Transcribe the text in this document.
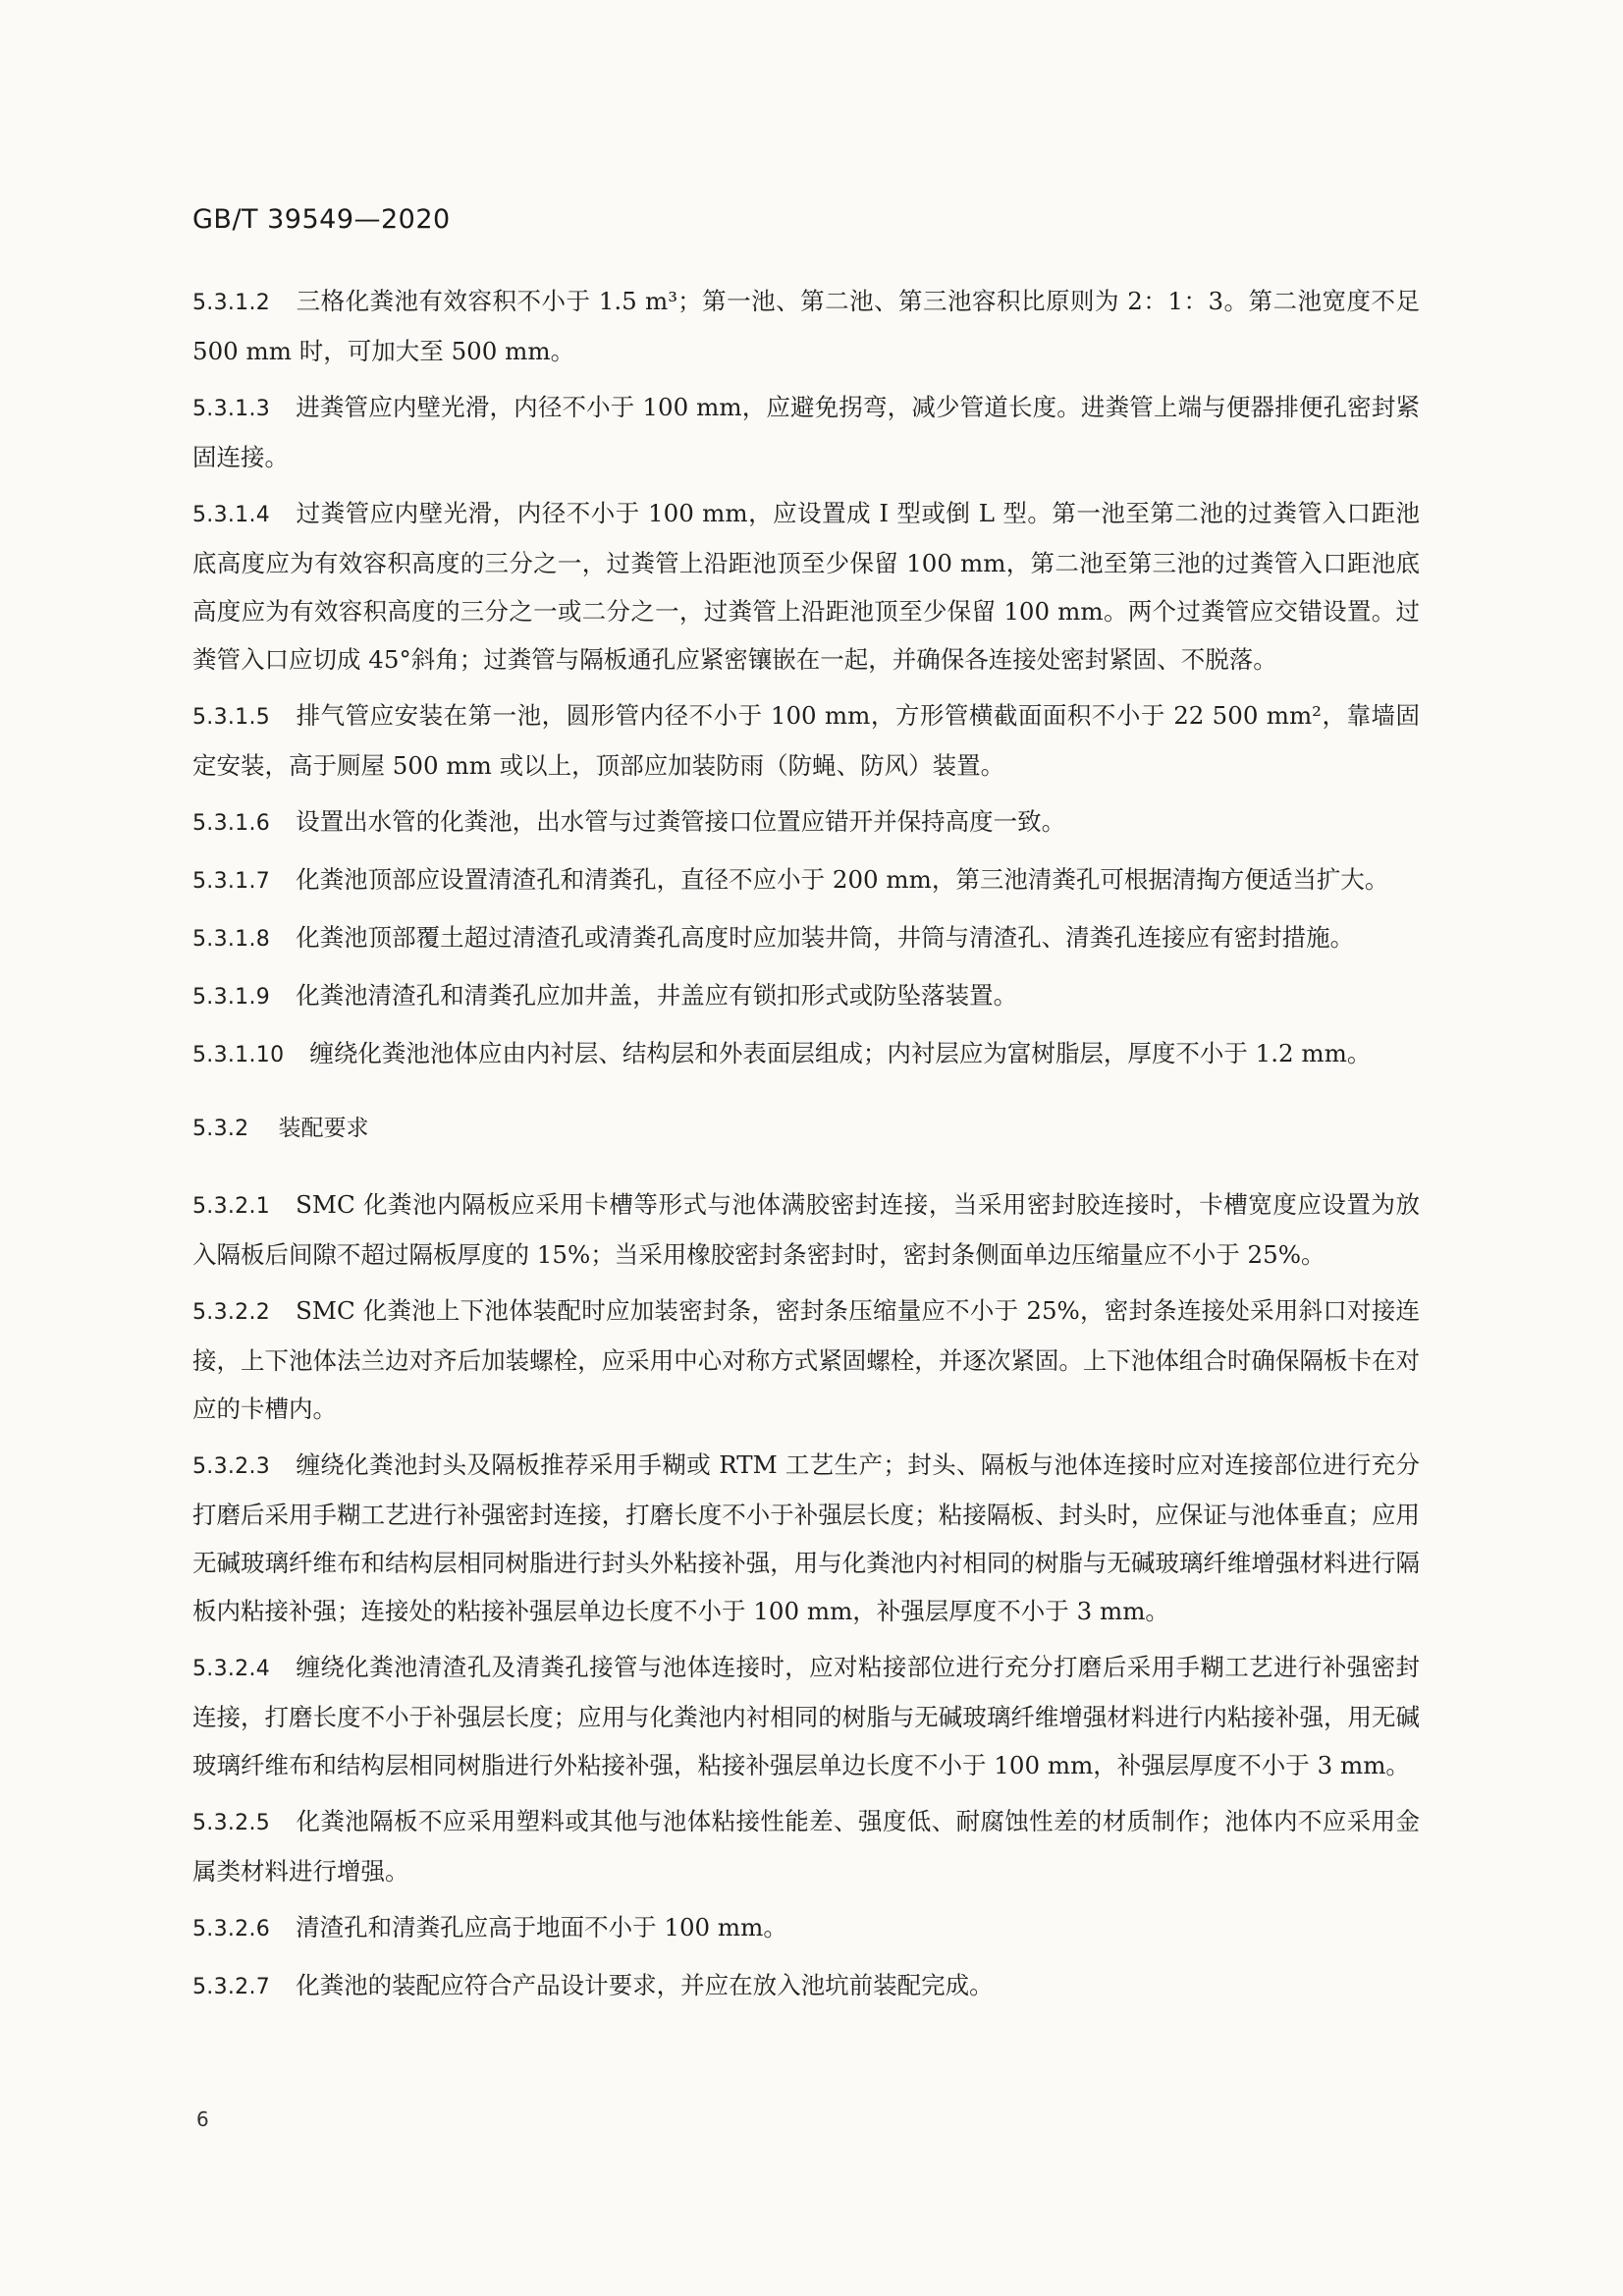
GB/T 39549—2020

5.3.1.2 三格化粪池有效容积不小于 1.5 m³；第一池、第二池、第三池容积比原则为 2：1：3。第二池宽度不足 500 mm 时，可加大至 500 mm。

5.3.1.3 进粪管应内壁光滑，内径不小于 100 mm，应避免拐弯，减少管道长度。进粪管上端与便器排便孔密封紧固连接。

5.3.1.4 过粪管应内壁光滑，内径不小于 100 mm，应设置成 I 型或倒 L 型。第一池至第二池的过粪管入口距池底高度应为有效容积高度的三分之一，过粪管上沿距池顶至少保留 100 mm，第二池至第三池的过粪管入口距池底高度应为有效容积高度的三分之一或二分之一，过粪管上沿距池顶至少保留 100 mm。两个过粪管应交错设置。过粪管入口应切成 45°斜角；过粪管与隔板通孔应紧密镶嵌在一起，并确保各连接处密封紧固、不脱落。

5.3.1.5 排气管应安装在第一池，圆形管内径不小于 100 mm，方形管横截面面积不小于 22 500 mm²，靠墙固定安装，高于厕屋 500 mm 或以上，顶部应加装防雨（防蝇、防风）装置。

5.3.1.6 设置出水管的化粪池，出水管与过粪管接口位置应错开并保持高度一致。

5.3.1.7 化粪池顶部应设置清渣孔和清粪孔，直径不应小于 200 mm，第三池清粪孔可根据清掏方便适当扩大。

5.3.1.8 化粪池顶部覆土超过清渣孔或清粪孔高度时应加装井筒，井筒与清渣孔、清粪孔连接应有密封措施。

5.3.1.9 化粪池清渣孔和清粪孔应加井盖，井盖应有锁扣形式或防坠落装置。

5.3.1.10 缠绕化粪池池体应由内衬层、结构层和外表面层组成；内衬层应为富树脂层，厚度不小于 1.2 mm。

5.3.2 装配要求

5.3.2.1 SMC 化粪池内隔板应采用卡槽等形式与池体满胶密封连接，当采用密封胶连接时，卡槽宽度应设置为放入隔板后间隙不超过隔板厚度的 15%；当采用橡胶密封条密封时，密封条侧面单边压缩量应不小于 25%。

5.3.2.2 SMC 化粪池上下池体装配时应加装密封条，密封条压缩量应不小于 25%，密封条连接处采用斜口对接连接，上下池体法兰边对齐后加装螺栓，应采用中心对称方式紧固螺栓，并逐次紧固。上下池体组合时确保隔板卡在对应的卡槽内。

5.3.2.3 缠绕化粪池封头及隔板推荐采用手糊或 RTM 工艺生产；封头、隔板与池体连接时应对连接部位进行充分打磨后采用手糊工艺进行补强密封连接，打磨长度不小于补强层长度；粘接隔板、封头时，应保证与池体垂直；应用无碱玻璃纤维布和结构层相同树脂进行封头外粘接补强，用与化粪池内衬相同的树脂与无碱玻璃纤维增强材料进行隔板内粘接补强；连接处的粘接补强层单边长度不小于 100 mm，补强层厚度不小于 3 mm。

5.3.2.4 缠绕化粪池清渣孔及清粪孔接管与池体连接时，应对粘接部位进行充分打磨后采用手糊工艺进行补强密封连接，打磨长度不小于补强层长度；应用与化粪池内衬相同的树脂与无碱玻璃纤维增强材料进行内粘接补强，用无碱玻璃纤维布和结构层相同树脂进行外粘接补强，粘接补强层单边长度不小于 100 mm，补强层厚度不小于 3 mm。

5.3.2.5 化粪池隔板不应采用塑料或其他与池体粘接性能差、强度低、耐腐蚀性差的材质制作；池体内不应采用金属类材料进行增强。

5.3.2.6 清渣孔和清粪孔应高于地面不小于 100 mm。

5.3.2.7 化粪池的装配应符合产品设计要求，并应在放入池坑前装配完成。

6
